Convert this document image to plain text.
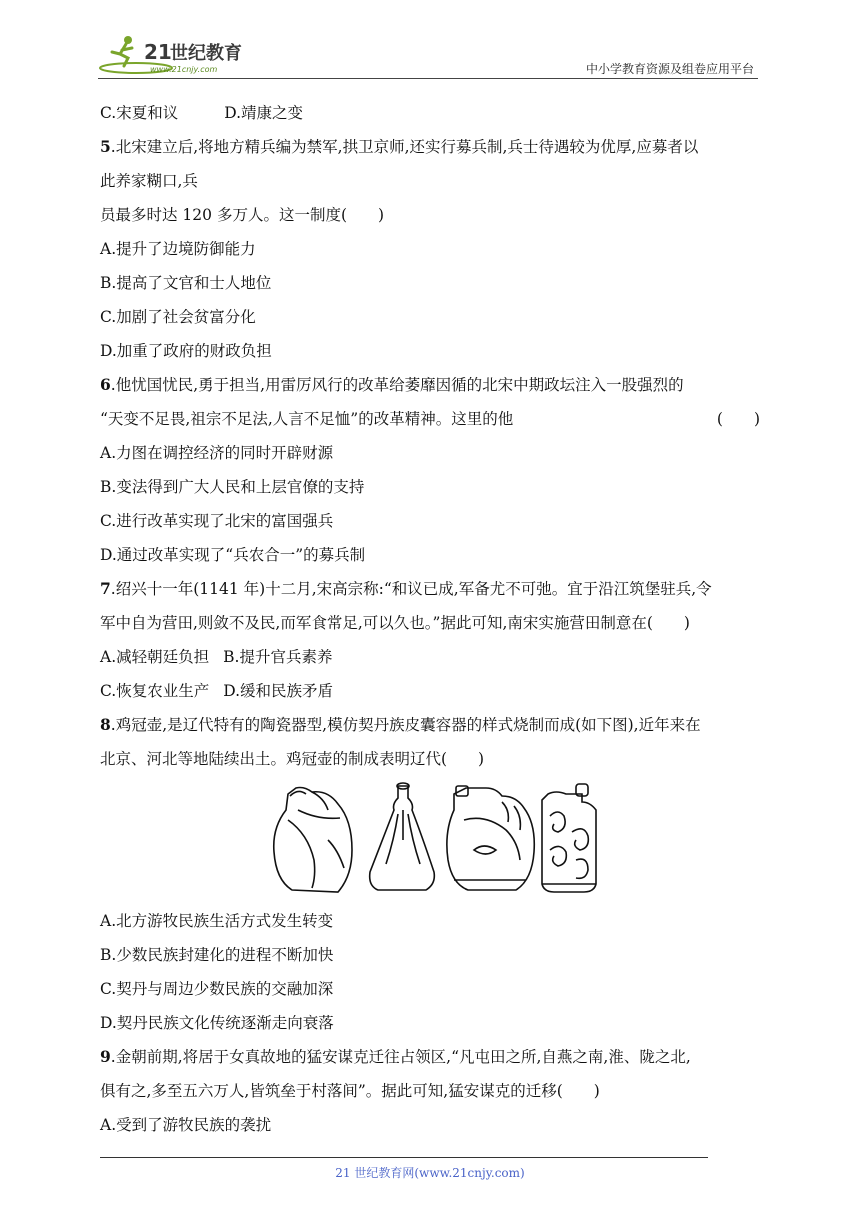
21
世纪教育
www.21cnjy.com	中小学教育资源及组卷应用平台
C.宋夏和议	D.靖康之变
5.北宋建立后,将地方精兵编为禁军,拱卫京师,还实行募兵制,兵士待遇较为优厚,应募者以
此养家糊口,兵
员最多时达 120 多万人。这一制度(　　)
A.提升了边境防御能力
B.提高了文官和士人地位
C.加剧了社会贫富分化
D.加重了政府的财政负担
6.他忧国忧民,勇于担当,用雷厉风行的改革给萎靡因循的北宋中期政坛注入一股强烈的
“天变不足畏,祖宗不足法,人言不足恤”的改革精神。这里的他	(　　)
A.力图在调控经济的同时开辟财源
B.变法得到广大人民和上层官僚的支持
C.进行改革实现了北宋的富国强兵
D.通过改革实现了“兵农合一”的募兵制
7.绍兴十一年(1141 年)十二月,宋高宗称:“和议已成,军备尤不可弛。宜于沿江筑堡驻兵,令
军中自为营田,则敛不及民,而军食常足,可以久也。”据此可知,南宋实施营田制意在(　　)
A.减轻朝廷负担 B.提升官兵素养
C.恢复农业生产 D.缓和民族矛盾
8.鸡冠壶,是辽代特有的陶瓷器型,模仿契丹族皮囊容器的样式烧制而成(如下图),近年来在
北京、河北等地陆续出土。鸡冠壶的制成表明辽代(　　)
A.北方游牧民族生活方式发生转变
B.少数民族封建化的进程不断加快
C.契丹与周边少数民族的交融加深
D.契丹民族文化传统逐渐走向衰落
9.金朝前期,将居于女真故地的猛安谋克迁往占领区,“凡屯田之所,自燕之南,淮、陇之北,
俱有之,多至五六万人,皆筑垒于村落间”。据此可知,猛安谋克的迁移(　　)
A.受到了游牧民族的袭扰
21 世纪教育网(www.21cnjy.com)
